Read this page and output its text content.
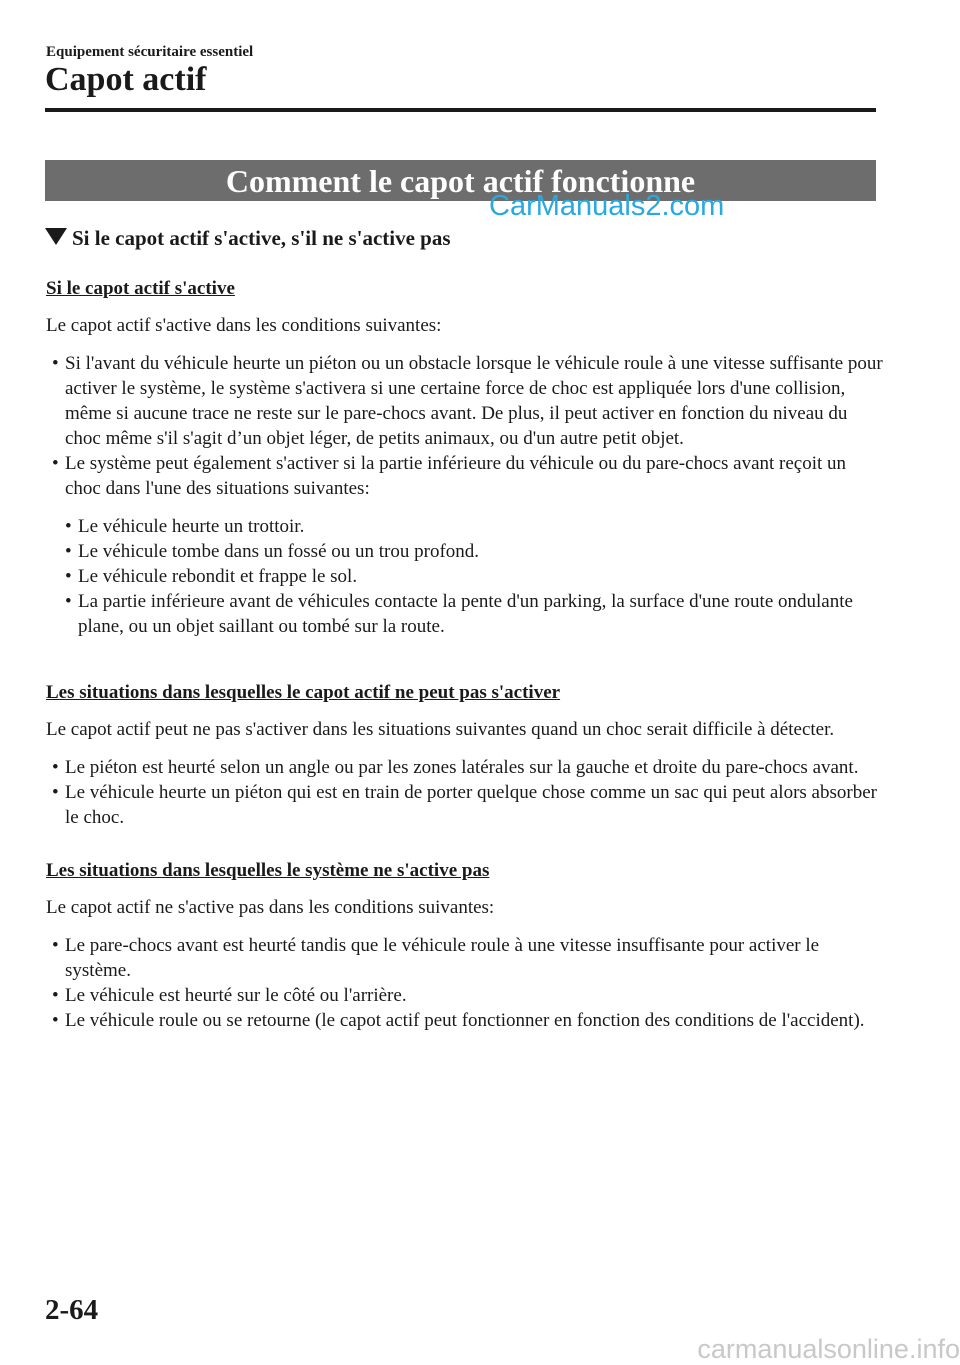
Equipement sécuritaire essentiel
Capot actif
Comment le capot actif fonctionne
CarManuals2.com
Si le capot actif s'active, s'il ne s'active pas
Si le capot actif s'active

Le capot actif s'active dans les conditions suivantes:

• Si l'avant du véhicule heurte un piéton ou un obstacle lorsque le véhicule roule à une vitesse suffisante pour activer le système, le système s'activera si une certaine force de choc est appliquée lors d'une collision, même si aucune trace ne reste sur le pare-chocs avant. De plus, il peut activer en fonction du niveau du choc même s'il s'agit d’un objet léger, de petits animaux, ou d'un autre petit objet.
• Le système peut également s'activer si la partie inférieure du véhicule ou du pare-chocs avant reçoit un choc dans l'une des situations suivantes:
• Le véhicule heurte un trottoir.
• Le véhicule tombe dans un fossé ou un trou profond.
• Le véhicule rebondit et frappe le sol.
• La partie inférieure avant de véhicules contacte la pente d'un parking, la surface d'une route ondulante plane, ou un objet saillant ou tombé sur la route.
Les situations dans lesquelles le capot actif ne peut pas s'activer

Le capot actif peut ne pas s'activer dans les situations suivantes quand un choc serait difficile à détecter.

• Le piéton est heurté selon un angle ou par les zones latérales sur la gauche et droite du pare-chocs avant.
• Le véhicule heurte un piéton qui est en train de porter quelque chose comme un sac qui peut alors absorber le choc.
Les situations dans lesquelles le système ne s'active pas

Le capot actif ne s'active pas dans les conditions suivantes:

• Le pare-chocs avant est heurté tandis que le véhicule roule à une vitesse insuffisante pour activer le système.
• Le véhicule est heurté sur le côté ou l'arrière.
• Le véhicule roule ou se retourne (le capot actif peut fonctionner en fonction des conditions de l'accident).
2-64
carmanualsonline.info
